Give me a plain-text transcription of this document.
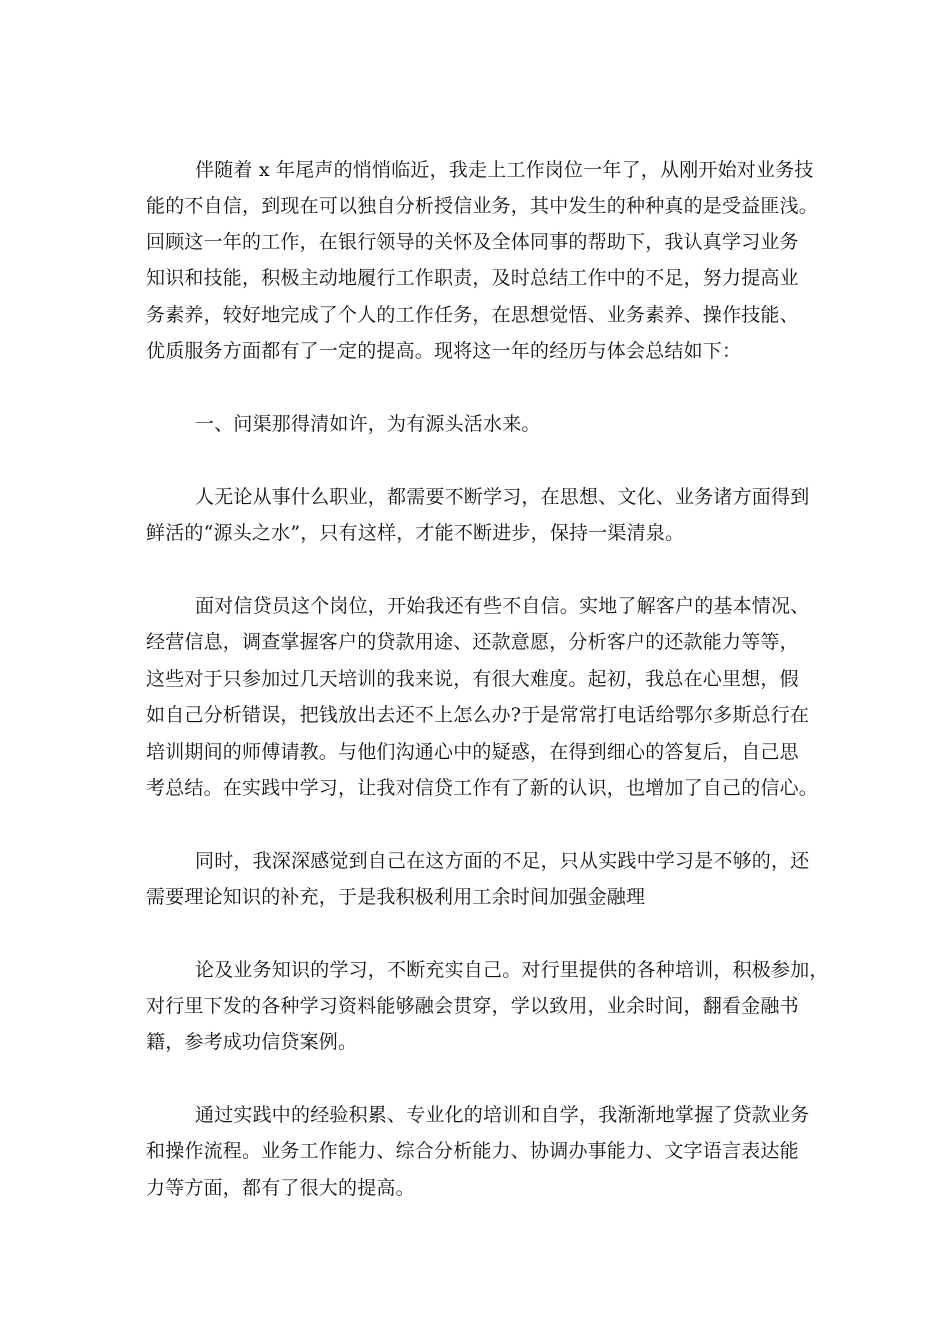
伴随着 x 年尾声的悄悄临近，我走上工作岗位一年了，从刚开始对业务技
能的不自信，到现在可以独自分析授信业务，其中发生的种种真的是受益匪浅。
回顾这一年的工作，在银行领导的关怀及全体同事的帮助下，我认真学习业务
知识和技能，积极主动地履行工作职责，及时总结工作中的不足，努力提高业
务素养，较好地完成了个人的工作任务，在思想觉悟、业务素养、操作技能、
优质服务方面都有了一定的提高。现将这一年的经历与体会总结如下：
一、问渠那得清如许，为有源头活水来。
人无论从事什么职业，都需要不断学习，在思想、文化、业务诸方面得到
鲜活的“源头之水”，只有这样，才能不断进步，保持一渠清泉。
面对信贷员这个岗位，开始我还有些不自信。实地了解客户的基本情况、
经营信息，调查掌握客户的贷款用途、还款意愿，分析客户的还款能力等等，
这些对于只参加过几天培训的我来说，有很大难度。起初，我总在心里想，假
如自己分析错误，把钱放出去还不上怎么办?于是常常打电话给鄂尔多斯总行在
培训期间的师傅请教。与他们沟通心中的疑惑，在得到细心的答复后，自己思
考总结。在实践中学习，让我对信贷工作有了新的认识，也增加了自己的信心。
同时，我深深感觉到自己在这方面的不足，只从实践中学习是不够的，还
需要理论知识的补充，于是我积极利用工余时间加强金融理
论及业务知识的学习，不断充实自己。对行里提供的各种培训，积极参加，
对行里下发的各种学习资料能够融会贯穿，学以致用，业余时间，翻看金融书
籍，参考成功信贷案例。
通过实践中的经验积累、专业化的培训和自学，我渐渐地掌握了贷款业务
和操作流程。业务工作能力、综合分析能力、协调办事能力、文字语言表达能
力等方面，都有了很大的提高。
